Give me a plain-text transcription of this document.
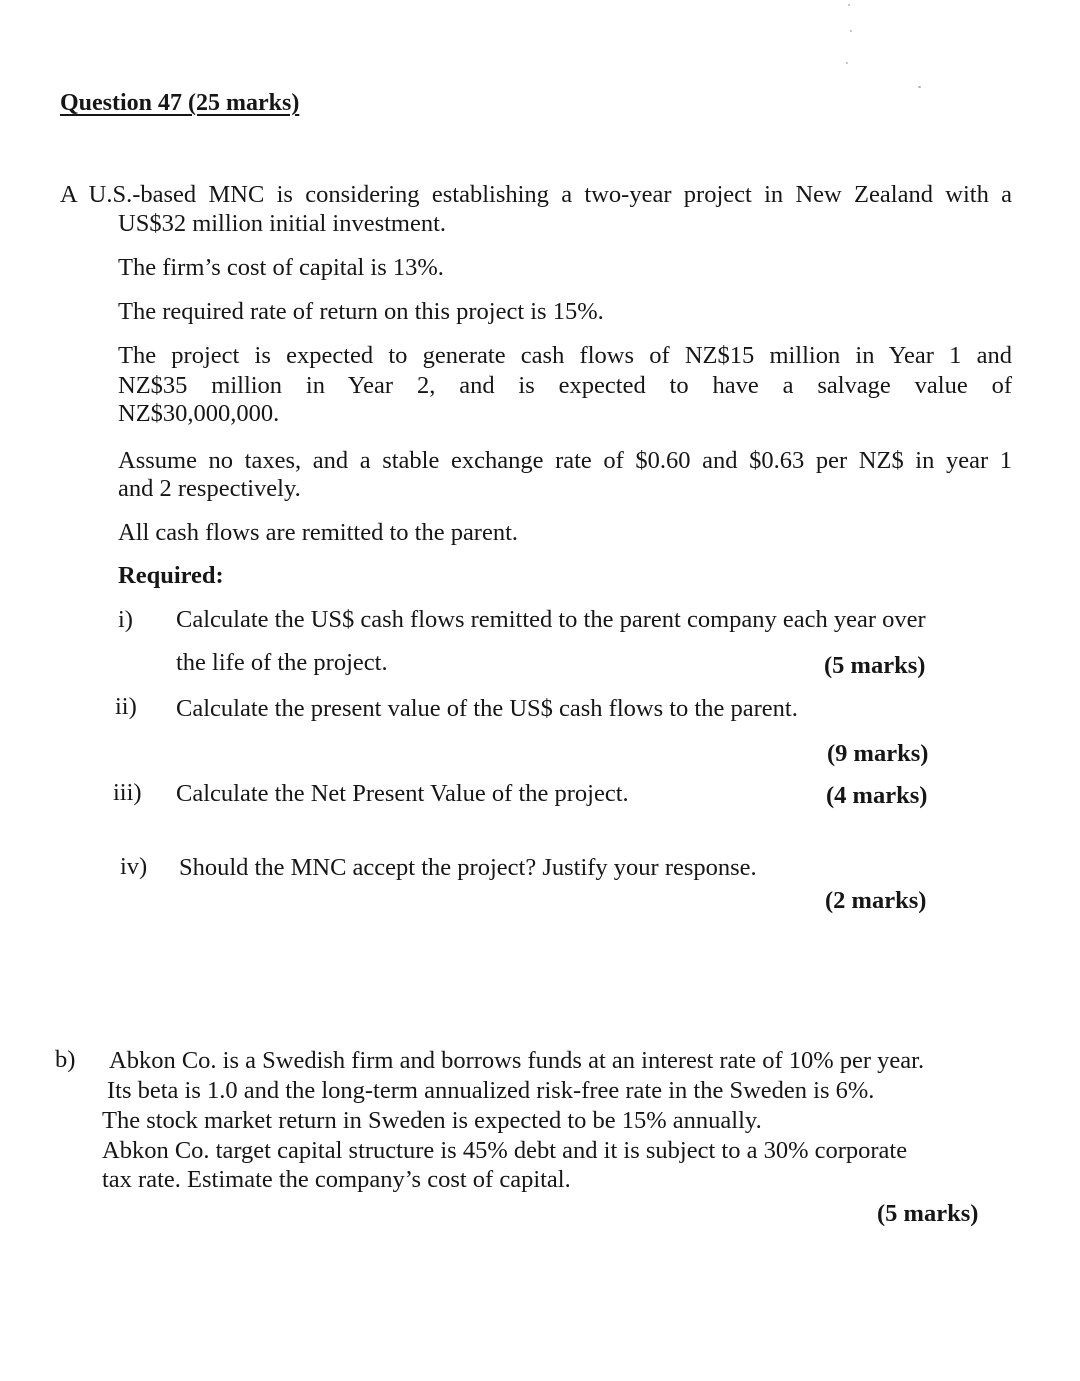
Question 47 (25 marks)
A U.S.-based MNC is considering establishing a two-year project in New Zealand with a
US$32 million initial investment.
The firm’s cost of capital is 13%.
The required rate of return on this project is 15%.
The project is expected to generate cash flows of NZ$15 million in Year 1 and
NZ$35 million in Year 2, and is expected to have a salvage value of
NZ$30,000,000.
Assume no taxes, and a stable exchange rate of $0.60 and $0.63 per NZ$ in year 1
and 2 respectively.
All cash flows are remitted to the parent.
Required:
i) Calculate the US$ cash flows remitted to the parent company each year over
the life of the project.	(5 marks)
ii) Calculate the present value of the US$ cash flows to the parent.
(9 marks)
iii) Calculate the Net Present Value of the project.	(4 marks)
iv) Should the MNC accept the project? Justify your response.
(2 marks)
b) Abkon Co. is a Swedish firm and borrows funds at an interest rate of 10% per year.
Its beta is 1.0 and the long-term annualized risk-free rate in the Sweden is 6%.
The stock market return in Sweden is expected to be 15% annually.
Abkon Co. target capital structure is 45% debt and it is subject to a 30% corporate
tax rate. Estimate the company’s cost of capital.
(5 marks)
